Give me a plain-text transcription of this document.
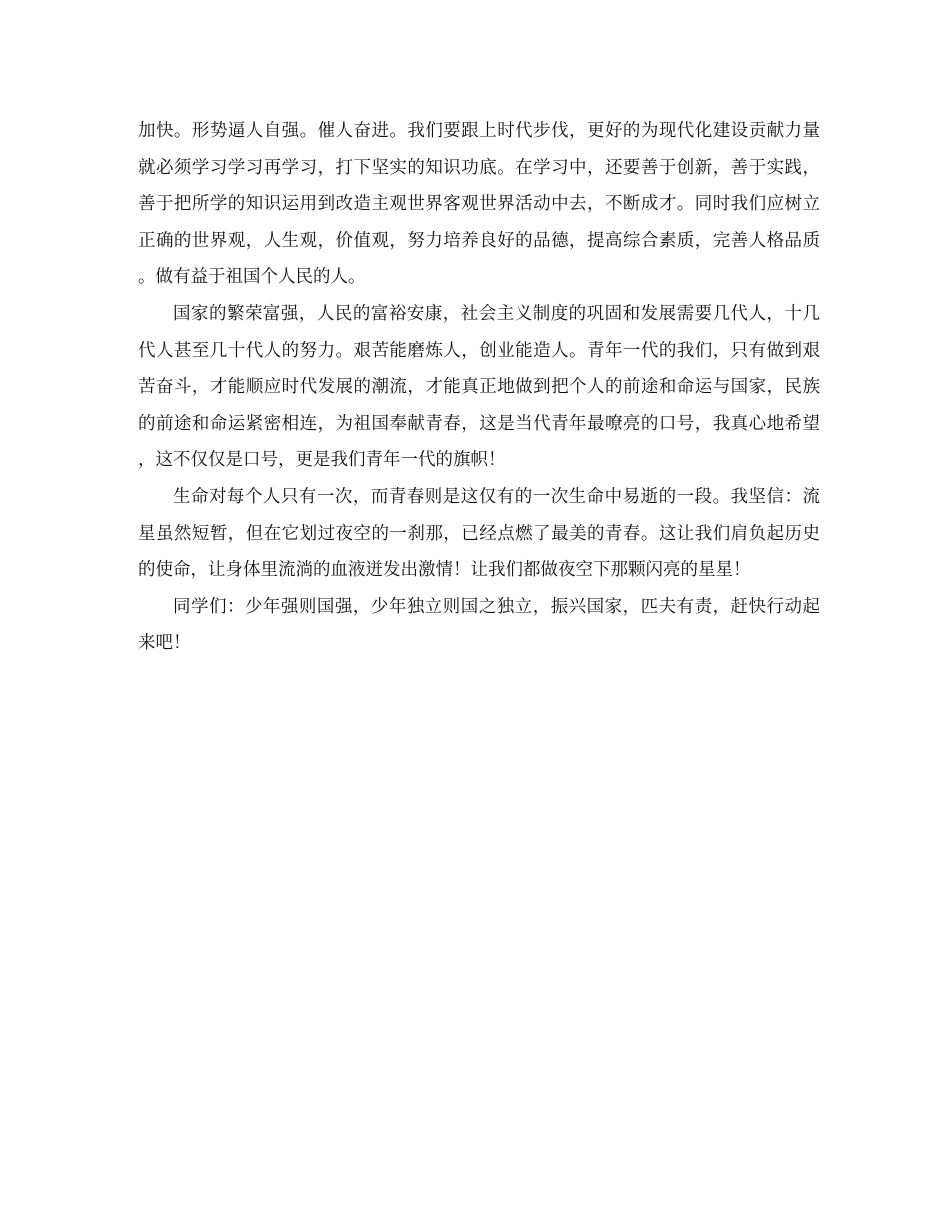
加快。形势逼人自强。催人奋进。我们要跟上时代步伐，更好的为现代化建设贡献力量就必须学习学习再学习，打下坚实的知识功底。在学习中，还要善于创新，善于实践，善于把所学的知识运用到改造主观世界客观世界活动中去，不断成才。同时我们应树立正确的世界观，人生观，价值观，努力培养良好的品德，提高综合素质，完善人格品质。做有益于祖国个人民的人。

国家的繁荣富强，人民的富裕安康，社会主义制度的巩固和发展需要几代人，十几代人甚至几十代人的努力。艰苦能磨炼人，创业能造人。青年一代的我们，只有做到艰苦奋斗，才能顺应时代发展的潮流，才能真正地做到把个人的前途和命运与国家，民族的前途和命运紧密相连，为祖国奉献青春，这是当代青年最嘹亮的口号，我真心地希望，这不仅仅是口号，更是我们青年一代的旗帜！

生命对每个人只有一次，而青春则是这仅有的一次生命中易逝的一段。我坚信：流星虽然短暂，但在它划过夜空的一刹那，已经点燃了最美的青春。这让我们肩负起历史的使命，让身体里流淌的血液迸发出激情！让我们都做夜空下那颗闪亮的星星！

同学们：少年强则国强，少年独立则国之独立，振兴国家，匹夫有责，赶快行动起来吧！
